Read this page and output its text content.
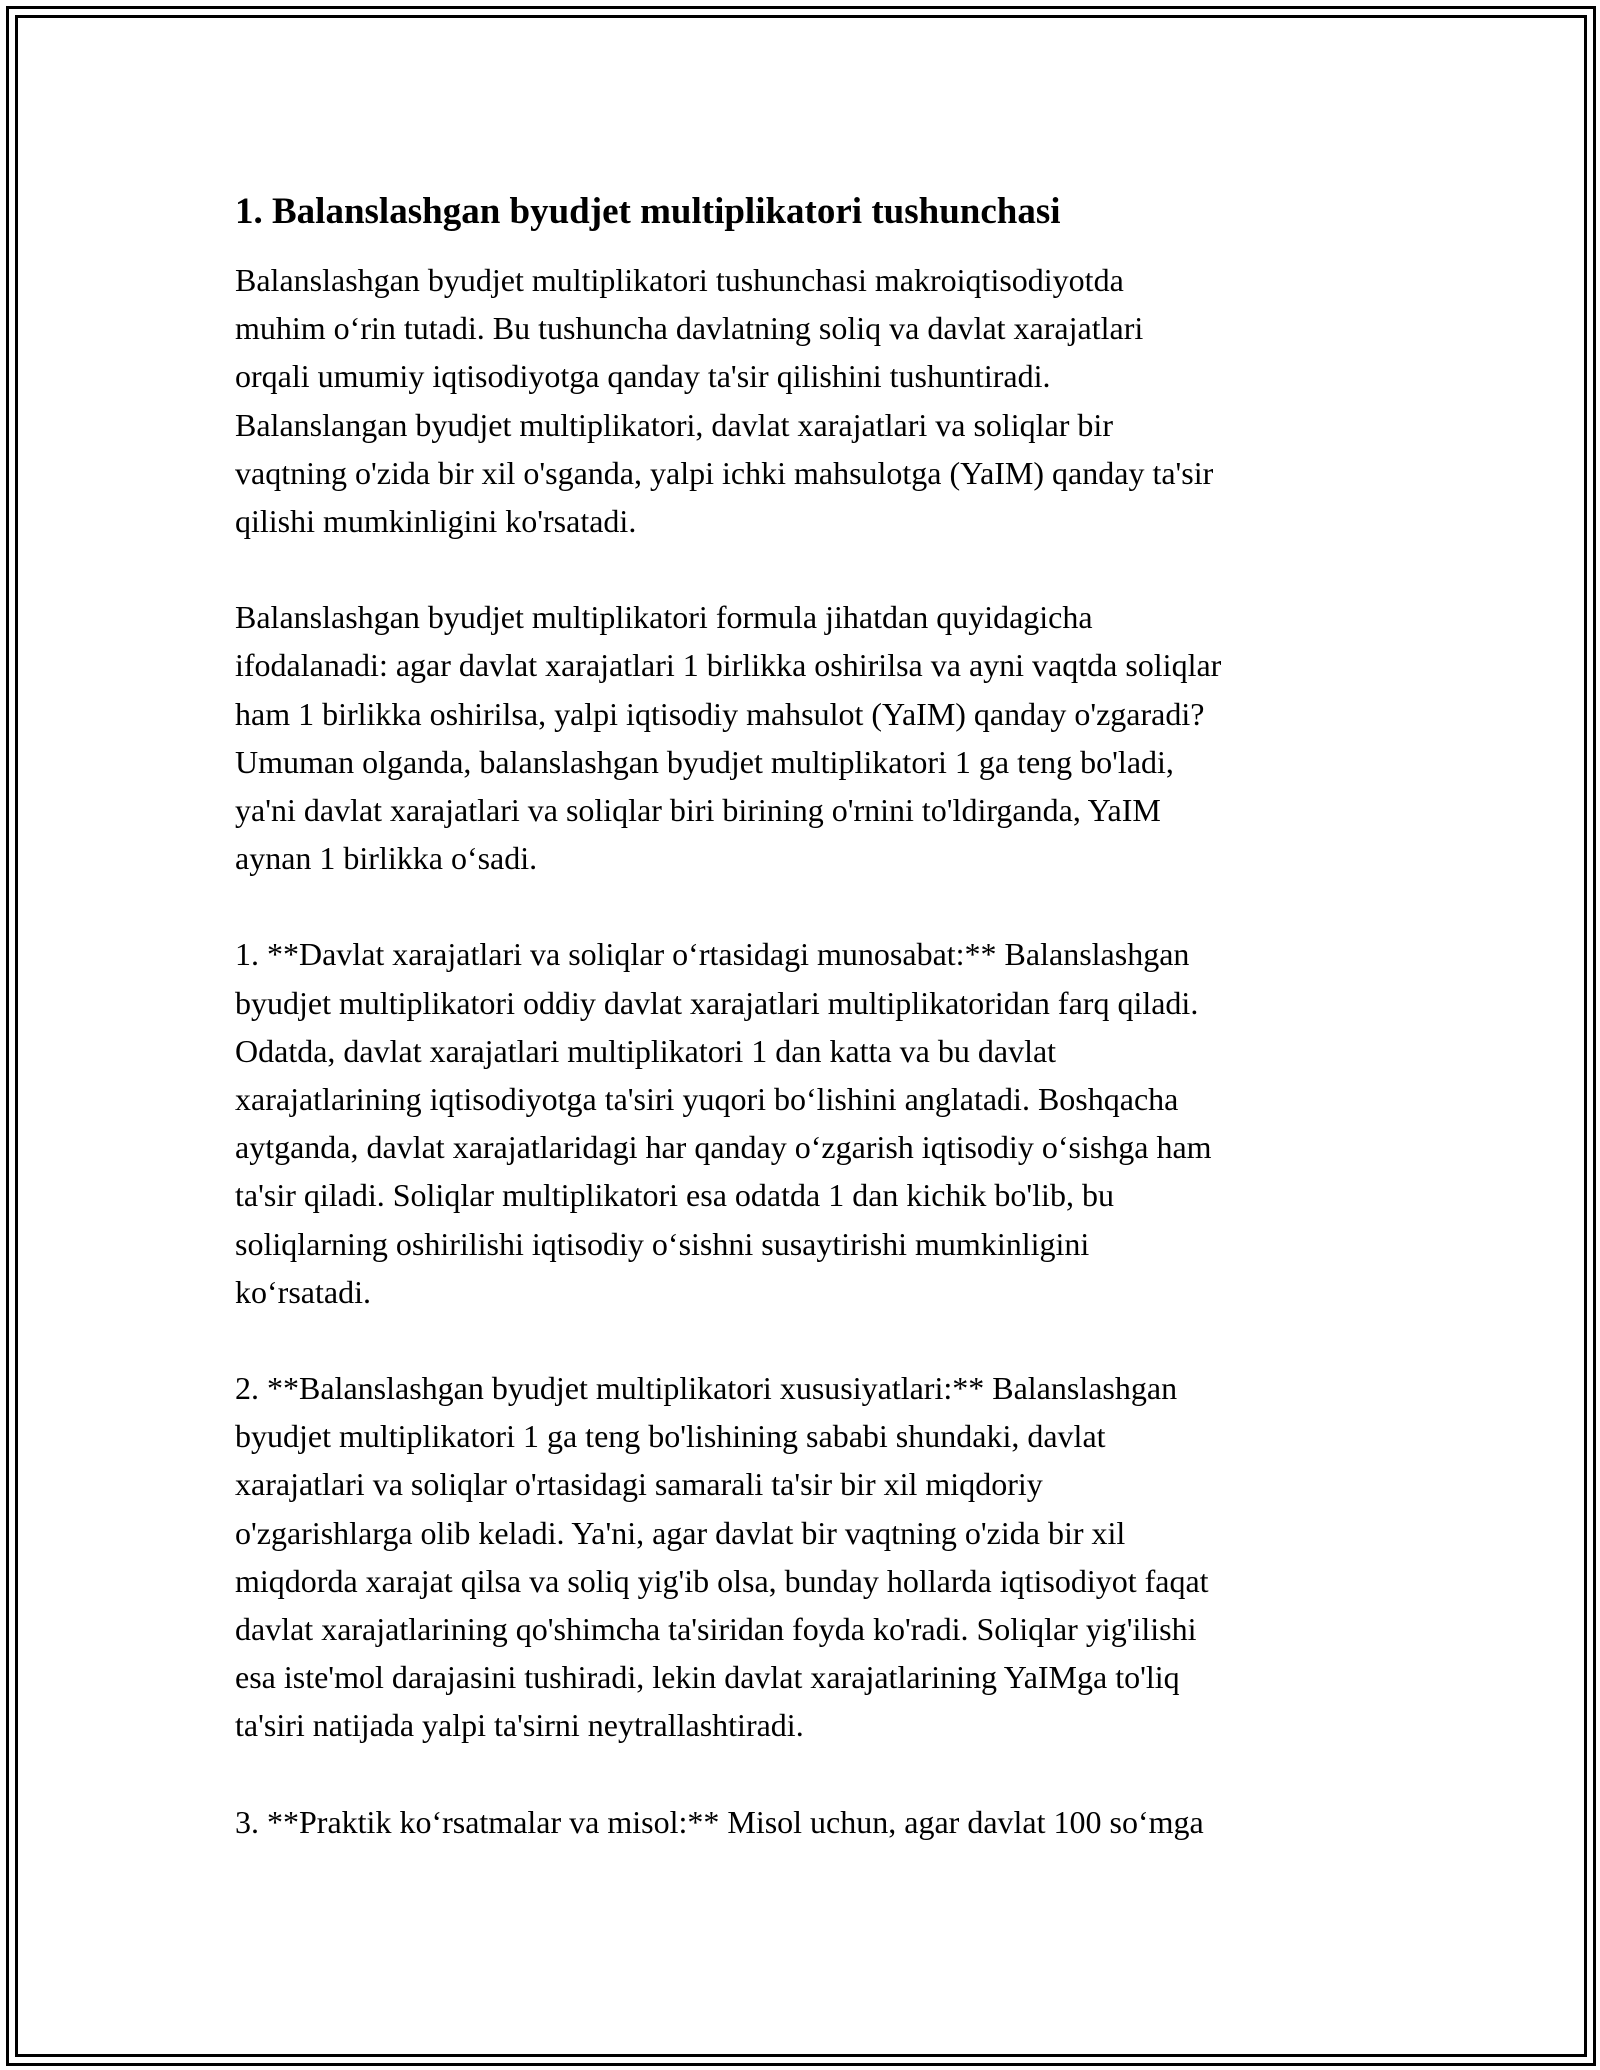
1. Balanslashgan byudjet multiplikatori tushunchasi

Balanslashgan byudjet multiplikatori tushunchasi makroiqtisodiyotda
muhim o‘rin tutadi. Bu tushuncha davlatning soliq va davlat xarajatlari
orqali umumiy iqtisodiyotga qanday ta'sir qilishini tushuntiradi.
Balanslangan byudjet multiplikatori, davlat xarajatlari va soliqlar bir
vaqtning o'zida bir xil o'sganda, yalpi ichki mahsulotga (YaIM) qanday ta'sir
qilishi mumkinligini ko'rsatadi.

Balanslashgan byudjet multiplikatori formula jihatdan quyidagicha
ifodalanadi: agar davlat xarajatlari 1 birlikka oshirilsa va ayni vaqtda soliqlar
ham 1 birlikka oshirilsa, yalpi iqtisodiy mahsulot (YaIM) qanday o'zgaradi?
Umuman olganda, balanslashgan byudjet multiplikatori 1 ga teng bo'ladi,
ya'ni davlat xarajatlari va soliqlar biri birining o'rnini to'ldirganda, YaIM
aynan 1 birlikka o‘sadi.

1. **Davlat xarajatlari va soliqlar o‘rtasidagi munosabat:** Balanslashgan
byudjet multiplikatori oddiy davlat xarajatlari multiplikatoridan farq qiladi.
Odatda, davlat xarajatlari multiplikatori 1 dan katta va bu davlat
xarajatlarining iqtisodiyotga ta'siri yuqori bo‘lishini anglatadi. Boshqacha
aytganda, davlat xarajatlaridagi har qanday o‘zgarish iqtisodiy o‘sishga ham
ta'sir qiladi. Soliqlar multiplikatori esa odatda 1 dan kichik bo'lib, bu
soliqlarning oshirilishi iqtisodiy o‘sishni susaytirishi mumkinligini
ko‘rsatadi.

2. **Balanslashgan byudjet multiplikatori xususiyatlari:** Balanslashgan
byudjet multiplikatori 1 ga teng bo'lishining sababi shundaki, davlat
xarajatlari va soliqlar o'rtasidagi samarali ta'sir bir xil miqdoriy
o'zgarishlarga olib keladi. Ya'ni, agar davlat bir vaqtning o'zida bir xil
miqdorda xarajat qilsa va soliq yig'ib olsa, bunday hollarda iqtisodiyot faqat
davlat xarajatlarining qo'shimcha ta'siridan foyda ko'radi. Soliqlar yig'ilishi
esa iste'mol darajasini tushiradi, lekin davlat xarajatlarining YaIMga to'liq
ta'siri natijada yalpi ta'sirni neytrallashtiradi.

3. **Praktik ko‘rsatmalar va misol:** Misol uchun, agar davlat 100 so‘mga
